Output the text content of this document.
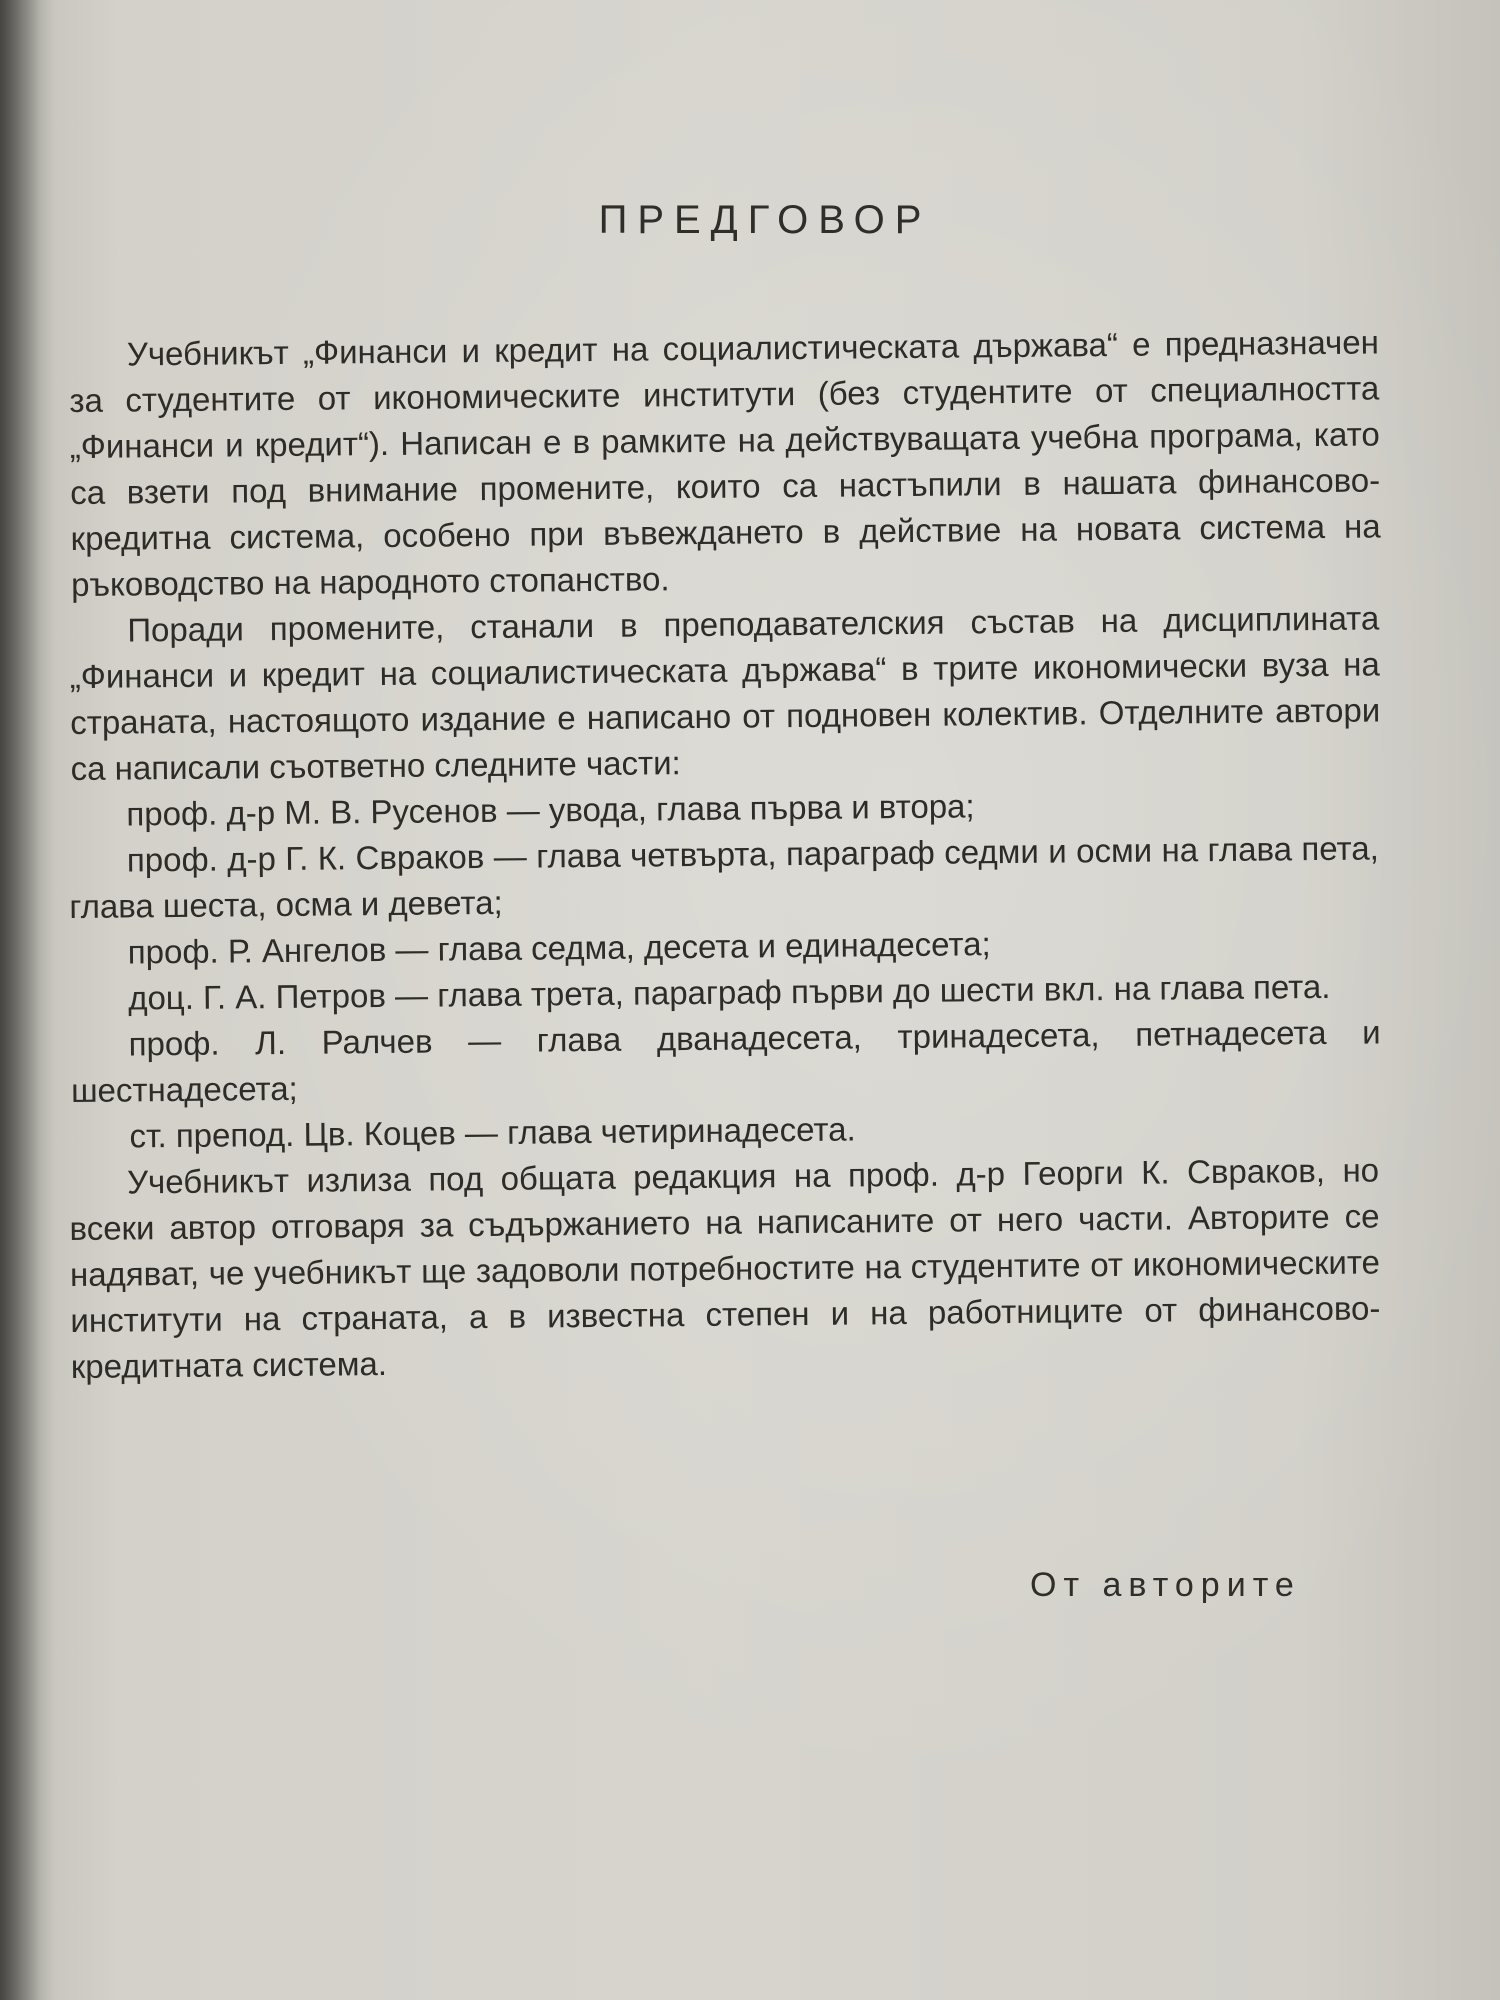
ПРЕДГОВОР

Учебникът „Финанси и кредит на социалистическата държава“ е предназначен за студентите от икономическите институти (без студентите от специалността „Финанси и кредит“). Написан е в рамките на действуващата учебна програма, като са взети под внимание промените, които са настъпили в нашата финансово-кредитна система, особено при въвеждането в действие на новата система на ръководство на народното стопанство.

Поради промените, станали в преподавателския състав на дисциплината „Финанси и кредит на социалистическата държава“ в трите икономически вуза на страната, настоящото издание е написано от подновен колектив. Отделните автори са написали съответно следните части:

проф. д-р М. В. Русенов — увода, глава първа и втора;
проф. д-р Г. К. Свраков — глава четвърта, параграф седми и осми на глава пета, глава шеста, осма и девета;
проф. Р. Ангелов — глава седма, десета и единадесета;
доц. Г. А. Петров — глава трета, параграф първи до шести вкл. на глава пета.
проф. Л. Ралчев — глава дванадесета, тринадесета, петнадесета и шестнадесета;
ст. препод. Цв. Коцев — глава четиринадесета.

Учебникът излиза под общата редакция на проф. д-р Георги К. Свраков, но всеки автор отговаря за съдържанието на написаните от него части. Авторите се надяват, че учебникът ще задоволи потребностите на студентите от икономическите институти на страната, а в известна степен и на работниците от финансово-кредитната система.

От авторите
